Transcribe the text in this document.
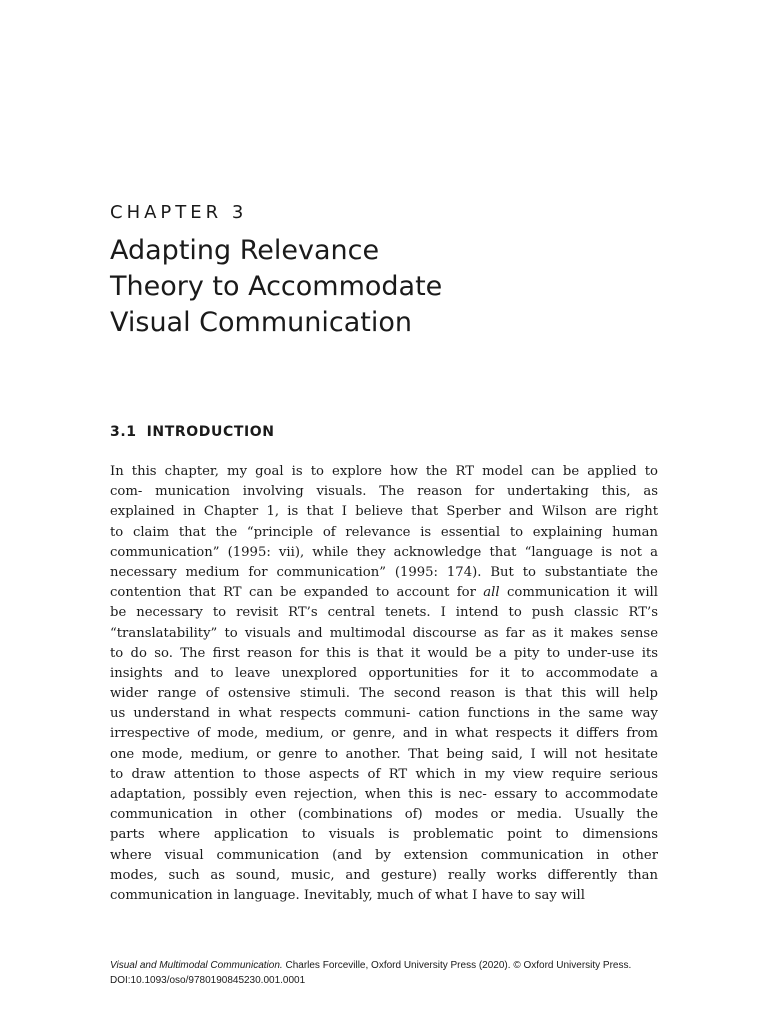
CHAPTER 3
Adapting Relevance
Theory to Accommodate
Visual Communication
3.1 INTRODUCTION
In this chapter, my goal is to explore how the RT model can be applied to
com- munication involving visuals. The reason for undertaking this, as
explained in Chapter 1, is that I believe that Sperber and Wilson are right
to claim that the “principle of relevance is essential to explaining human
communication” (1995: vii), while they acknowledge that “language is not a
necessary medium for communication” (1995: 174). But to substantiate the
contention that RT can be expanded to account for all communication it will
be necessary to revisit RT’s central tenets. I intend to push classic RT’s
“translatability” to visuals and multimodal discourse as far as it makes sense
to do so. The first reason for this is that it would be a pity to under-use its
insights and to leave unexplored opportunities for it to accommodate a
wider range of ostensive stimuli. The second reason is that this will help
us understand in what respects communi- cation functions in the same way
irrespective of mode, medium, or genre, and in what respects it differs from
one mode, medium, or genre to another. That being said, I will not hesitate
to draw attention to those aspects of RT which in my view require serious
adaptation, possibly even rejection, when this is nec- essary to accommodate
communication in other (combinations of) modes or media. Usually the
parts where application to visuals is problematic point to dimensions
where visual communication (and by extension communication in other
modes, such as sound, music, and gesture) really works differently than
communication in language. Inevitably, much of what I have to say will
Visual and Multimodal Communication. Charles Forceville, Oxford University Press (2020). © Oxford University Press.
DOI:10.1093/oso/9780190845230.001.0001
